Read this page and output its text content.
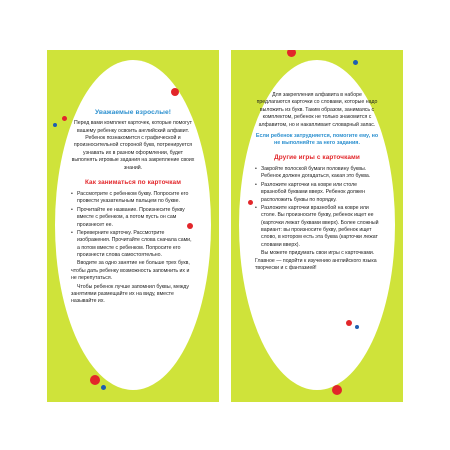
Уважаемые взрослые!
Перед вами комплект карточек, которые помогут вашему ребенку освоить английский алфавит. Ребенок познакомится с графической и произносительной стороной букв, потренируется узнавать их в разном оформлении, будет выполнять игровые задания на закрепление своих знаний.
Как заниматься по карточкам
• Рассмотрите с ребенком букву. Попросите его провести указательным пальцем по букве.
• Прочитайте ее название. Произнесите букву вместе с ребенком, а потом пусть он сам произнесет ее.
• Переверните карточку. Рассмотрите изображения. Прочитайте слова сначала сами, а потом вместе с ребенком. Попросите его произнести слова самостоятельно.
Вводите за одно занятие не больше трех букв, чтобы дать ребенку возможность запомнить их и не перепутаться.
Чтобы ребенок лучше запомнил буквы, между занятиями размещайте их на виду, вместе называйте их.
Для закрепления алфавита в наборе предлагаются карточки со словами, которые надо выложить из букв. Таким образом, занимаясь с комплектом, ребенок не только знакомится с алфавитом, но и накапливает словарный запас.
Если ребенок затрудняется, помогите ему, но не выполняйте за него задания.
Другие игры с карточками
• Закройте полоской бумаги половину буквы. Ребенок должен догадаться, какая это буква.
• Разложите карточки на ковре или столе вразнобой буквами вверх. Ребенок должен расположить буквы по порядку.
• Разложите карточки вразнобой на ковре или столе. Вы произносите букву, ребенок ищет ее (карточки лежат буквами вверх). Более сложный вариант: вы произносите букву, ребенок ищет слово, в котором есть эта буква (карточки лежат словами вверх).
Вы можете придумать свои игры с карточками. Главное — подойти к изучению английского языка творчески и с фантазией!
